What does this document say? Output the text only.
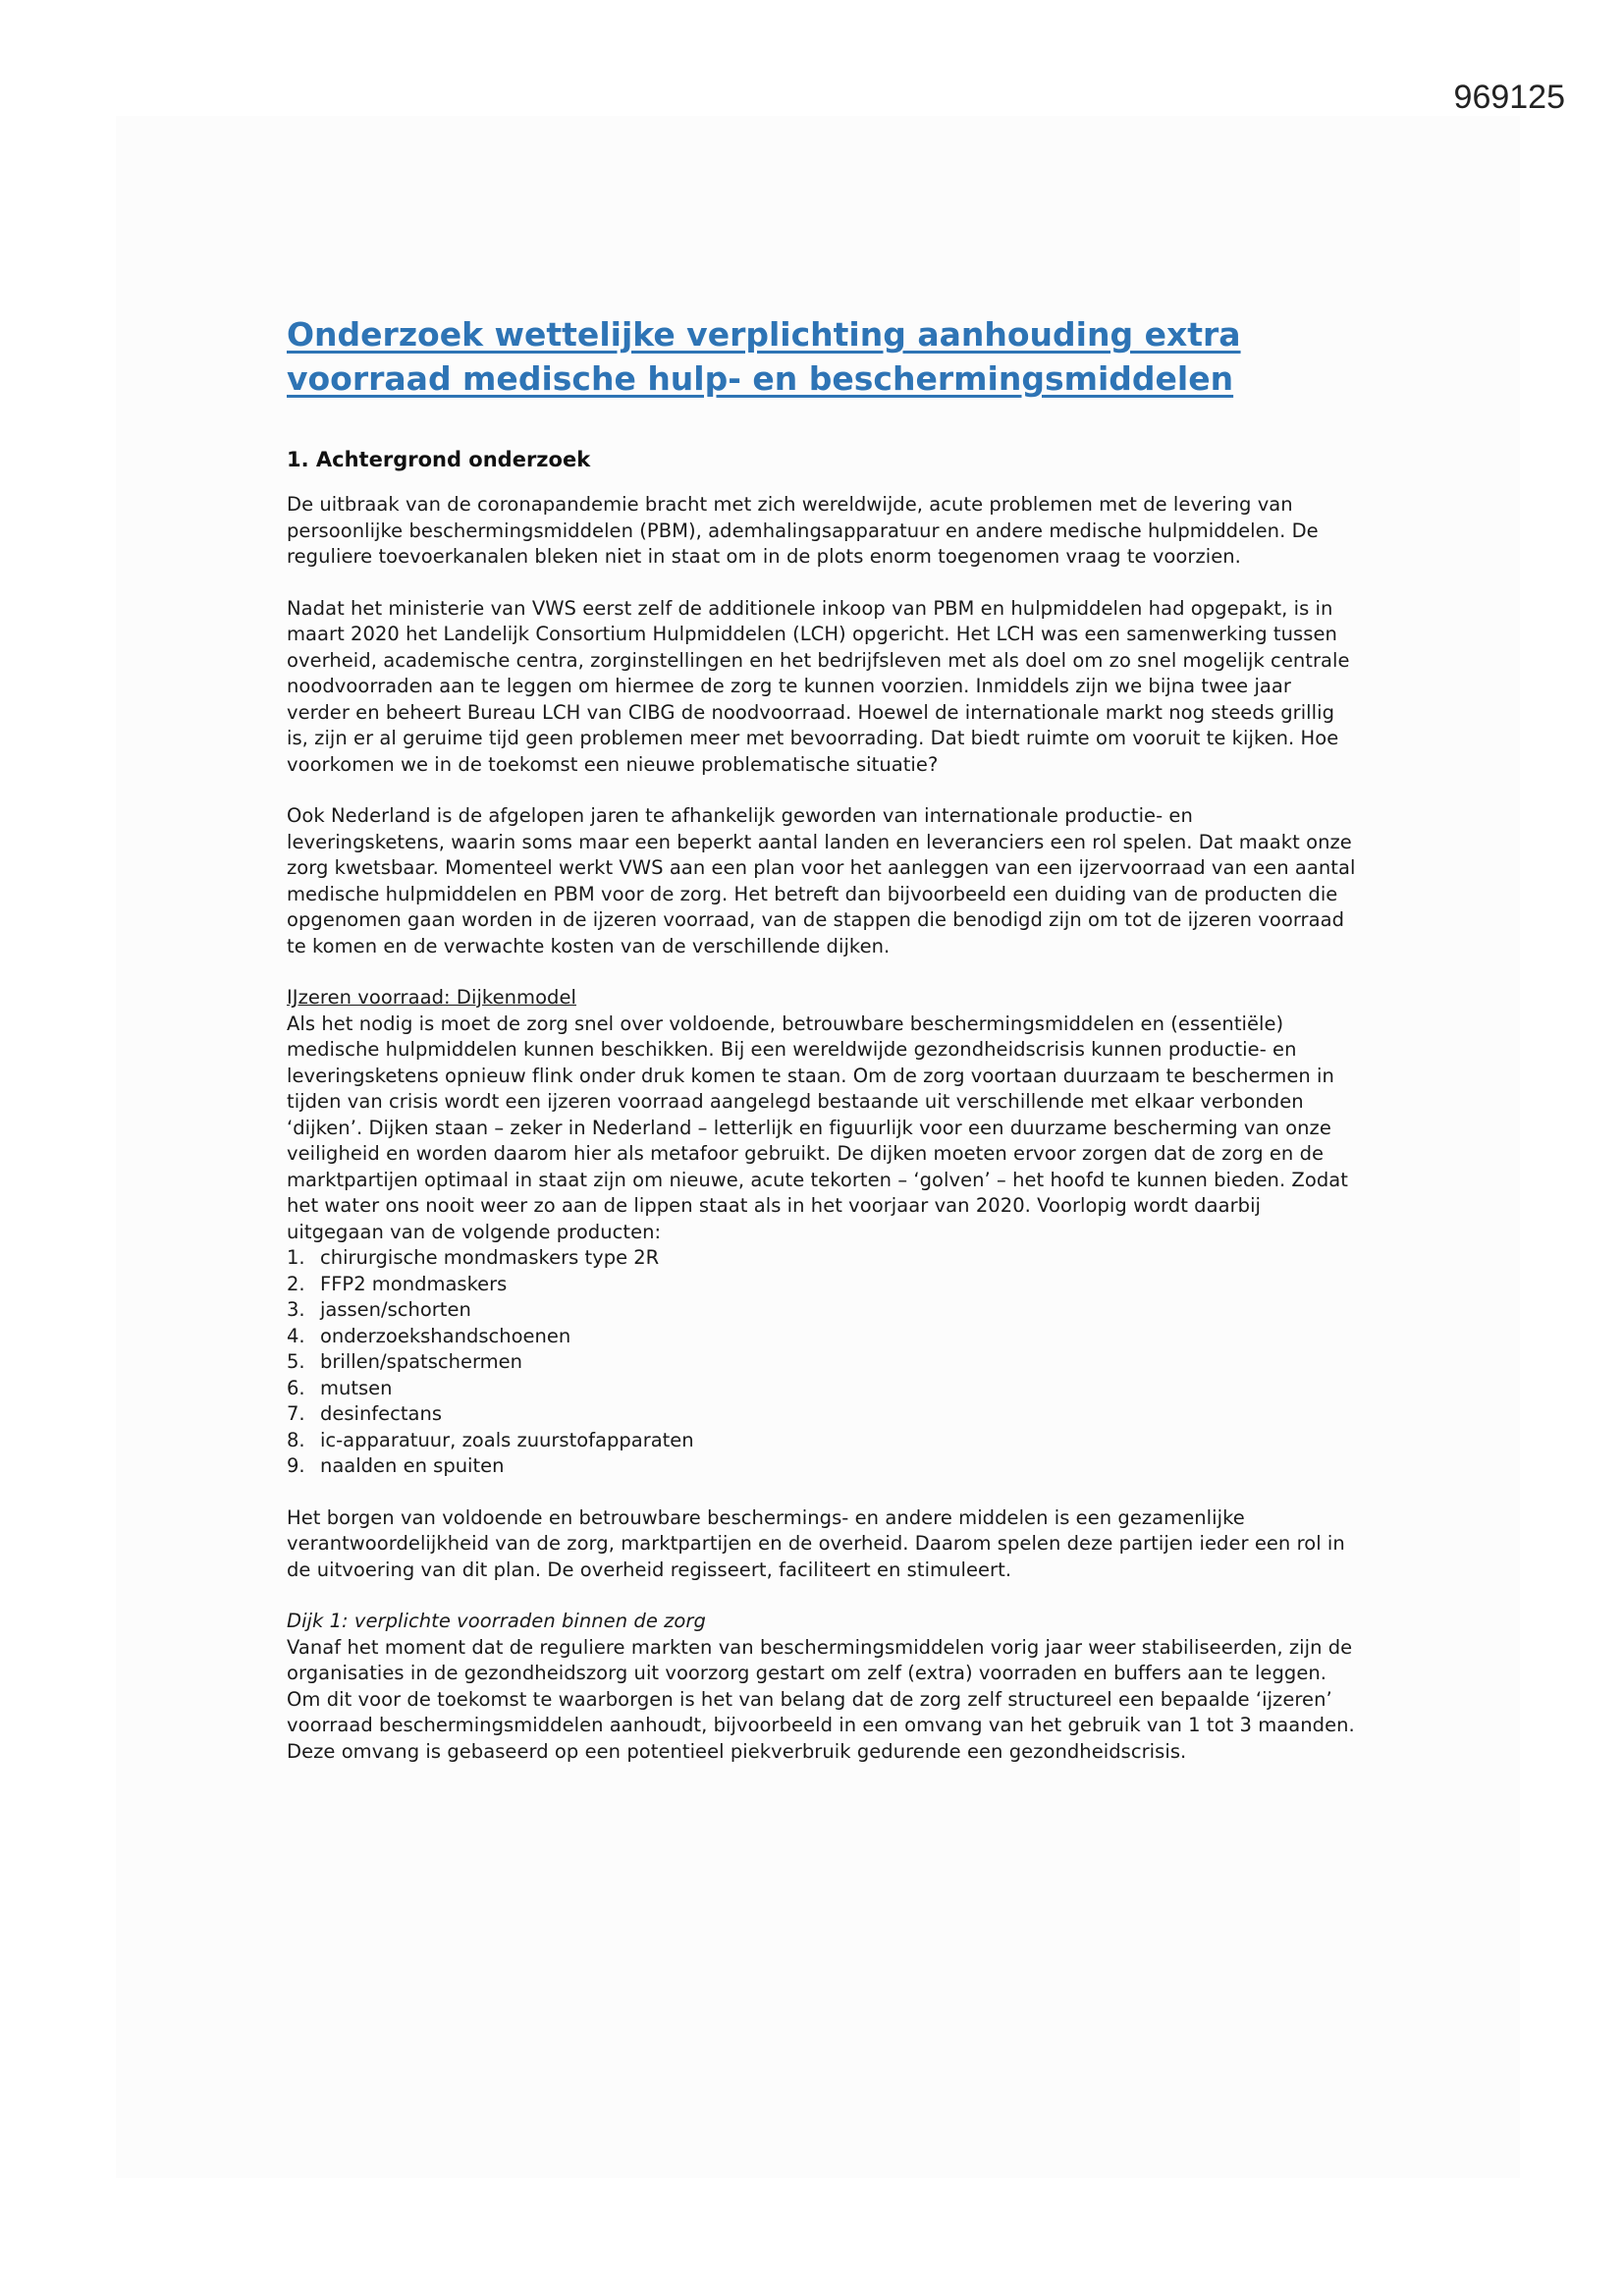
969125
Onderzoek wettelijke verplichting aanhouding extra
voorraad medische hulp- en beschermingsmiddelen
1. Achtergrond onderzoek

De uitbraak van de coronapandemie bracht met zich wereldwijde, acute problemen met de levering van persoonlijke beschermingsmiddelen (PBM), ademhalingsapparatuur en andere medische hulpmiddelen. De reguliere toevoerkanalen bleken niet in staat om in de plots enorm toegenomen vraag te voorzien.

Nadat het ministerie van VWS eerst zelf de additionele inkoop van PBM en hulpmiddelen had opgepakt, is in maart 2020 het Landelijk Consortium Hulpmiddelen (LCH) opgericht. Het LCH was een samenwerking tussen overheid, academische centra, zorginstellingen en het bedrijfsleven met als doel om zo snel mogelijk centrale noodvoorraden aan te leggen om hiermee de zorg te kunnen voorzien. Inmiddels zijn we bijna twee jaar verder en beheert Bureau LCH van CIBG de noodvoorraad. Hoewel de internationale markt nog steeds grillig is, zijn er al geruime tijd geen problemen meer met bevoorrading. Dat biedt ruimte om vooruit te kijken. Hoe voorkomen we in de toekomst een nieuwe problematische situatie?

Ook Nederland is de afgelopen jaren te afhankelijk geworden van internationale productie- en leveringsketens, waarin soms maar een beperkt aantal landen en leveranciers een rol spelen. Dat maakt onze zorg kwetsbaar. Momenteel werkt VWS aan een plan voor het aanleggen van een ijzervoorraad van een aantal medische hulpmiddelen en PBM voor de zorg. Het betreft dan bijvoorbeeld een duiding van de producten die opgenomen gaan worden in de ijzeren voorraad, van de stappen die benodigd zijn om tot de ijzeren voorraad te komen en de verwachte kosten van de verschillende dijken.

IJzeren voorraad: Dijkenmodel
Als het nodig is moet de zorg snel over voldoende, betrouwbare beschermingsmiddelen en (essentiële) medische hulpmiddelen kunnen beschikken. Bij een wereldwijde gezondheidscrisis kunnen productie- en leveringsketens opnieuw flink onder druk komen te staan. Om de zorg voortaan duurzaam te beschermen in tijden van crisis wordt een ijzeren voorraad aangelegd bestaande uit verschillende met elkaar verbonden ‘dijken’. Dijken staan – zeker in Nederland – letterlijk en figuurlijk voor een duurzame bescherming van onze veiligheid en worden daarom hier als metafoor gebruikt. De dijken moeten ervoor zorgen dat de zorg en de marktpartijen optimaal in staat zijn om nieuwe, acute tekorten – ‘golven’ – het hoofd te kunnen bieden. Zodat het water ons nooit weer zo aan de lippen staat als in het voorjaar van 2020. Voorlopig wordt daarbij uitgegaan van de volgende producten:

1. chirurgische mondmaskers type 2R
2. FFP2 mondmaskers
3. jassen/schorten
4. onderzoekshandschoenen
5. brillen/spatschermen
6. mutsen
7. desinfectans
8. ic-apparatuur, zoals zuurstofapparaten
9. naalden en spuiten

Het borgen van voldoende en betrouwbare beschermings- en andere middelen is een gezamenlijke verantwoordelijkheid van de zorg, marktpartijen en de overheid. Daarom spelen deze partijen ieder een rol in de uitvoering van dit plan. De overheid regisseert, faciliteert en stimuleert.

Dijk 1: verplichte voorraden binnen de zorg
Vanaf het moment dat de reguliere markten van beschermingsmiddelen vorig jaar weer stabiliseerden, zijn de organisaties in de gezondheidszorg uit voorzorg gestart om zelf (extra) voorraden en buffers aan te leggen. Om dit voor de toekomst te waarborgen is het van belang dat de zorg zelf structureel een bepaalde ‘ijzeren’ voorraad beschermingsmiddelen aanhoudt, bijvoorbeeld in een omvang van het gebruik van 1 tot 3 maanden. Deze omvang is gebaseerd op een potentieel piekverbruik gedurende een gezondheidscrisis.
